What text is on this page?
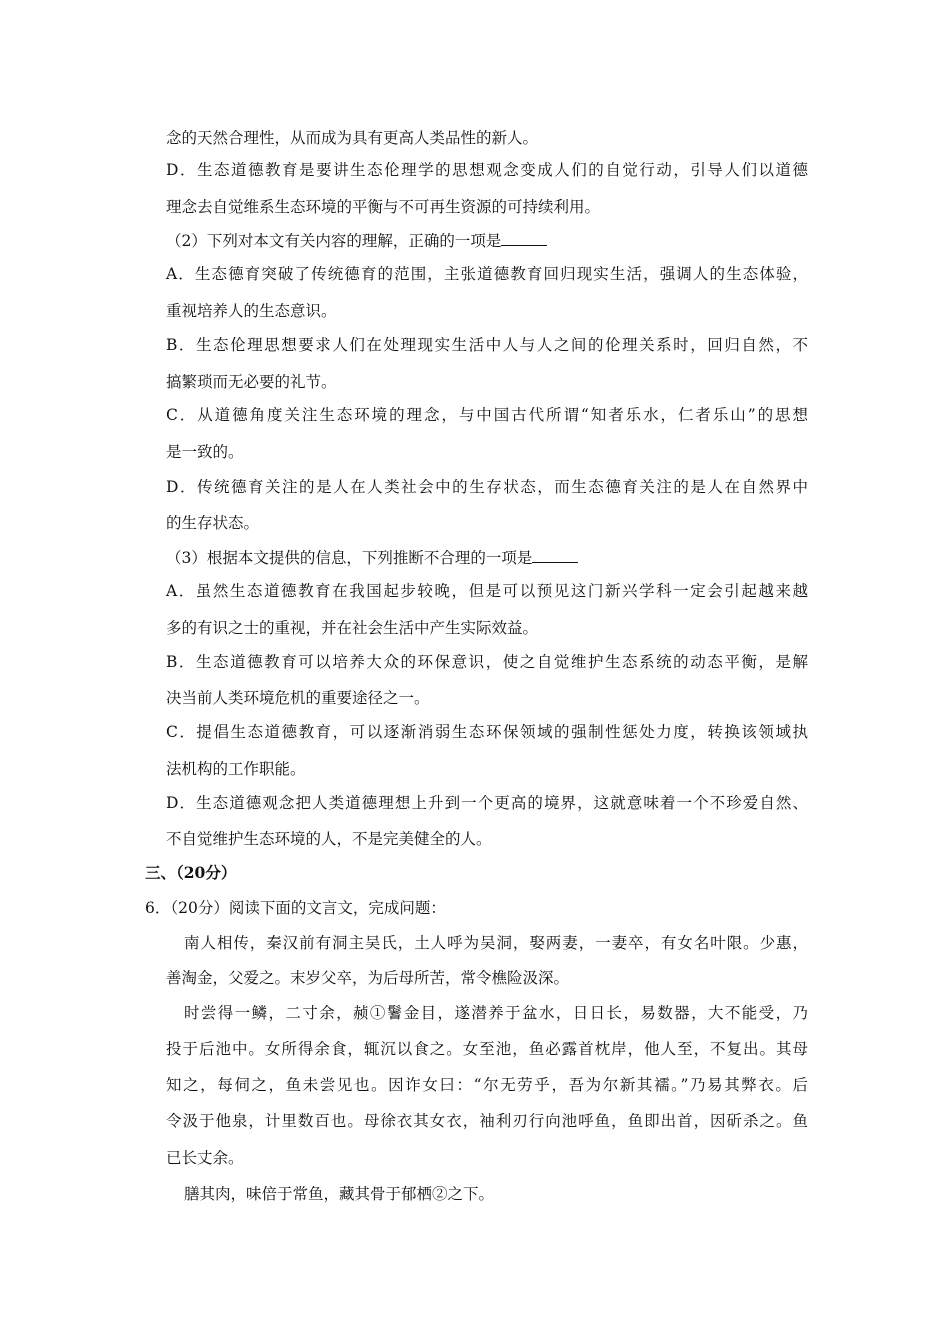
念的天然合理性，从而成为具有更高人类品性的新人。
D．生态道德教育是要讲生态伦理学的思想观念变成人们的自觉行动，引导人们以道德
理念去自觉维系生态环境的平衡与不可再生资源的可持续利用。
（2）下列对本文有关内容的理解，正确的一项是
A．生态德育突破了传统德育的范围，主张道德教育回归现实生活，强调人的生态体验，
重视培养人的生态意识。
B．生态伦理思想要求人们在处理现实生活中人与人之间的伦理关系时，回归自然，不
搞繁琐而无必要的礼节。
C．从道德角度关注生态环境的理念，与中国古代所谓“知者乐水，仁者乐山”的思想
是一致的。
D．传统德育关注的是人在人类社会中的生存状态，而生态德育关注的是人在自然界中
的生存状态。
（3）根据本文提供的信息，下列推断不合理的一项是
A．虽然生态道德教育在我国起步较晚，但是可以预见这门新兴学科一定会引起越来越
多的有识之士的重视，并在社会生活中产生实际效益。
B．生态道德教育可以培养大众的环保意识，使之自觉维护生态系统的动态平衡，是解
决当前人类环境危机的重要途径之一。
C．提倡生态道德教育，可以逐渐消弱生态环保领域的强制性惩处力度，转换该领域执
法机构的工作职能。
D．生态道德观念把人类道德理想上升到一个更高的境界，这就意味着一个不珍爱自然、
不自觉维护生态环境的人，不是完美健全的人。
三、（20分）
6．（20分）阅读下面的文言文，完成问题：
南人相传，秦汉前有洞主吴氏，土人呼为吴洞，娶两妻，一妻卒，有女名叶限。少惠，
善淘金，父爱之。末岁父卒，为后母所苦，常令樵险汲深。
时尝得一鳞，二寸余，赪①鬐金目，遂潜养于盆水，日日长，易数器，大不能受，乃
投于后池中。女所得余食，辄沉以食之。女至池，鱼必露首枕岸，他人至，不复出。其母
知之，每伺之，鱼未尝见也。因诈女曰：“尔无劳乎，吾为尔新其襦。”乃易其弊衣。后
令汲于他泉，计里数百也。母徐衣其女衣，袖利刃行向池呼鱼，鱼即出首，因斫杀之。鱼
已长丈余。
膳其肉，味倍于常鱼，藏其骨于郁栖②之下。
